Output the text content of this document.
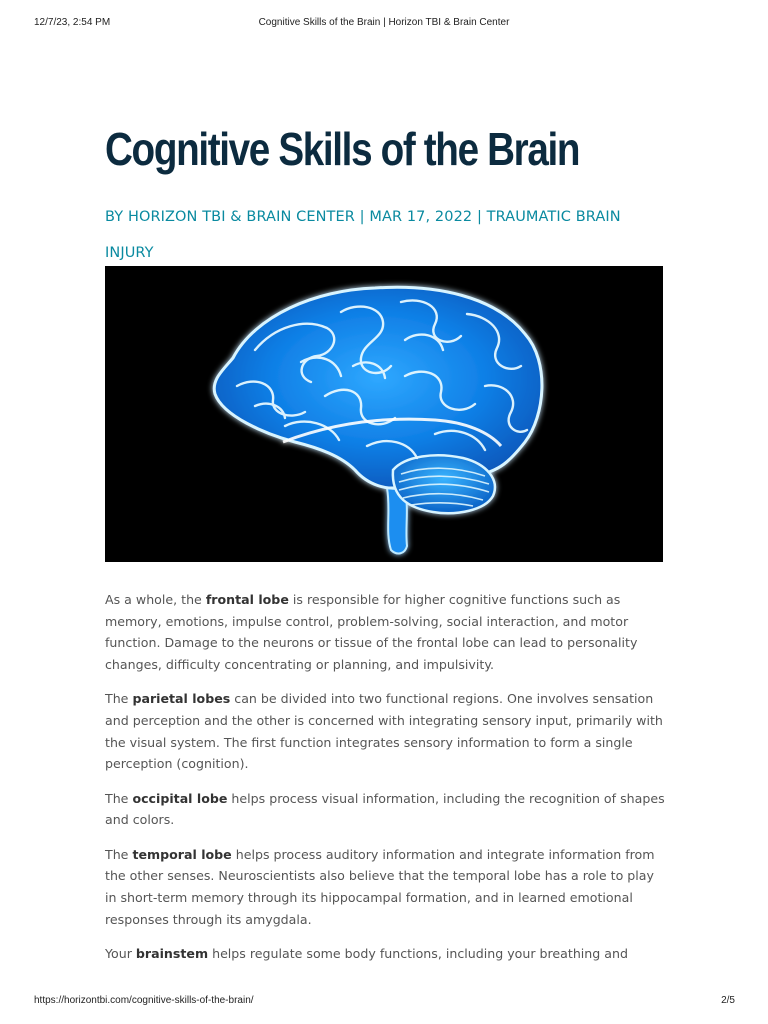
12/7/23, 2:54 PM	Cognitive Skills of the Brain | Horizon TBI & Brain Center
Cognitive Skills of the Brain
BY HORIZON TBI & BRAIN CENTER | MAR 17, 2022 | TRAUMATIC BRAIN INJURY

As a whole, the frontal lobe is responsible for higher cognitive functions such as memory, emotions, impulse control, problem-solving, social interaction, and motor function. Damage to the neurons or tissue of the frontal lobe can lead to personality changes, difficulty concentrating or planning, and impulsivity.

The parietal lobes can be divided into two functional regions. One involves sensation and perception and the other is concerned with integrating sensory input, primarily with the visual system. The first function integrates sensory information to form a single perception (cognition).

The occipital lobe helps process visual information, including the recognition of shapes and colors.

The temporal lobe helps process auditory information and integrate information from the other senses. Neuroscientists also believe that the temporal lobe has a role to play in short-term memory through its hippocampal formation, and in learned emotional responses through its amygdala.

Your brainstem helps regulate some body functions, including your breathing and

https://horizontbi.com/cognitive-skills-of-the-brain/	2/5
